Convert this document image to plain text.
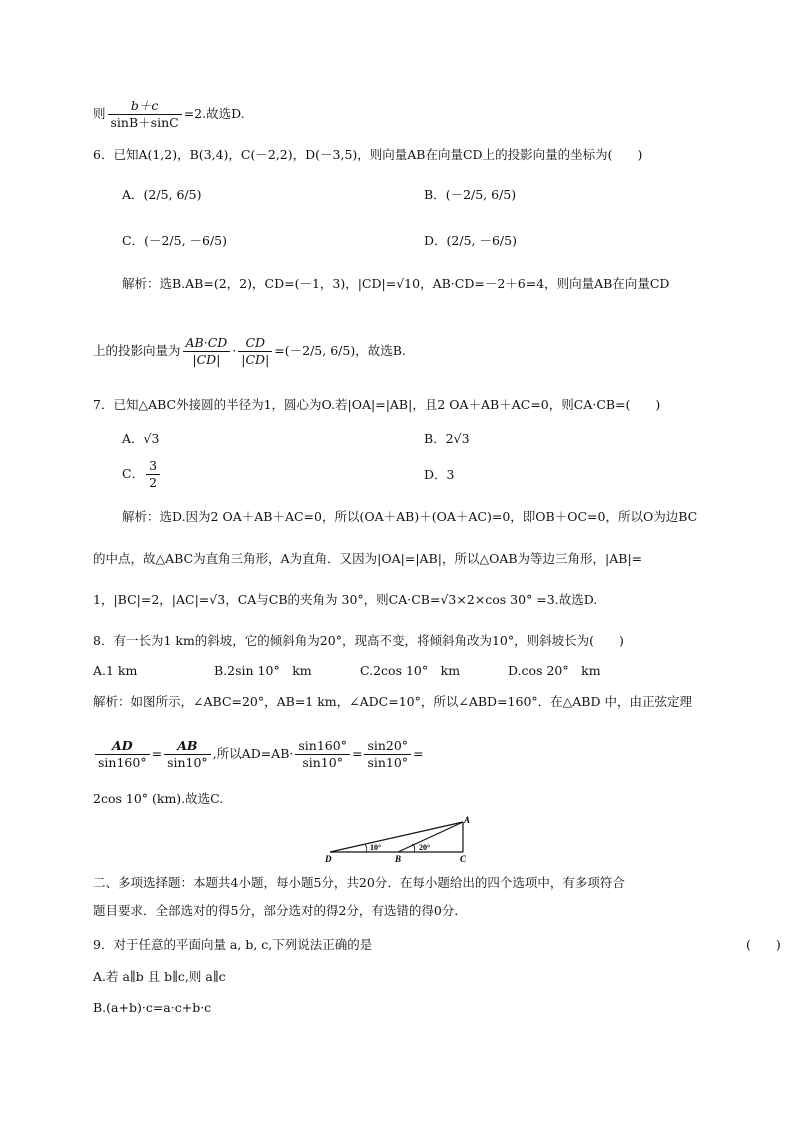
则 $\frac{b+c}{\sin B+\sin C} =2$.故选D.
6．已知A(1,2)，B(3,4)，C(－2,2)，D(－3,5)，则向量AB在向量CD上的投影向量的坐标为(　　)
A．(2/5, 6/5)	B．(－2/5, 6/5)
C．(－2/5, －6/5)	D．(2/5, －6/5)
解析：选B.AB=(2，2)，CD=(－1，3)，|CD|=√10，AB·CD=－2＋6=4，则向量AB在向量CD
上的投影向量为 $\frac{AB\cdot CD}{|CD|} \cdot \frac{CD}{|CD|} =(-2/5$, 6/5)，故选B.
7．已知△ABC外接圆的半径为1，圆心为O.若|OA|=|AB|，且2 OA＋AB＋AC=0，则CA·CB=(　　)
A．√3	B．2√3
C． $\frac{3}{2}$	D．3
解析：选D.因为2 OA＋AB＋AC=0，所以(OA＋AB)＋(OA＋AC)=0，即OB＋OC=0，所以O为边BC
的中点，故△ABC为直角三角形，A为直角．又因为|OA|=|AB|，所以△OAB为等边三角形，|AB|=
1，|BC|=2，|AC|=√3，CA与CB的夹角为 30°，则CA·CB=√3×2×cos 30° =3.故选D.
8．有一长为1 km的斜坡，它的倾斜角为20°，现高不变，将倾斜角改为10°，则斜坡长为(　　)
A.1 km	B.2sin 10°　km	C.2cos 10°　km	D.cos 20°　km
解析：如图所示，∠ABC=20°，AB=1 km，∠ADC=10°，所以∠ABD=160°．在△ABD 中，由正弦定理
$\frac{AD}{\sin 160^\circ} = \frac{AB}{\sin 10^\circ}$ ,所以$AD=AB\cdot \frac{\sin 160^\circ}{\sin 10^\circ} = \frac{\sin 20^\circ}{\sin 10^\circ}$ =
2cos 10° (km).故选C.
A
B	C
D
10°	20°
二、多项选择题：本题共4小题，每小题5分，共20分．在每小题给出的四个选项中，有多项符合
题目要求．全部选对的得5分，部分选对的得2分，有选错的得0分．
9．对于任意的平面向量 a, b, c,下列说法正确的是	(　　)
A.若 a∥b 且 b∥c,则 a∥c
B.(a+b)·c=a·c+b·c
